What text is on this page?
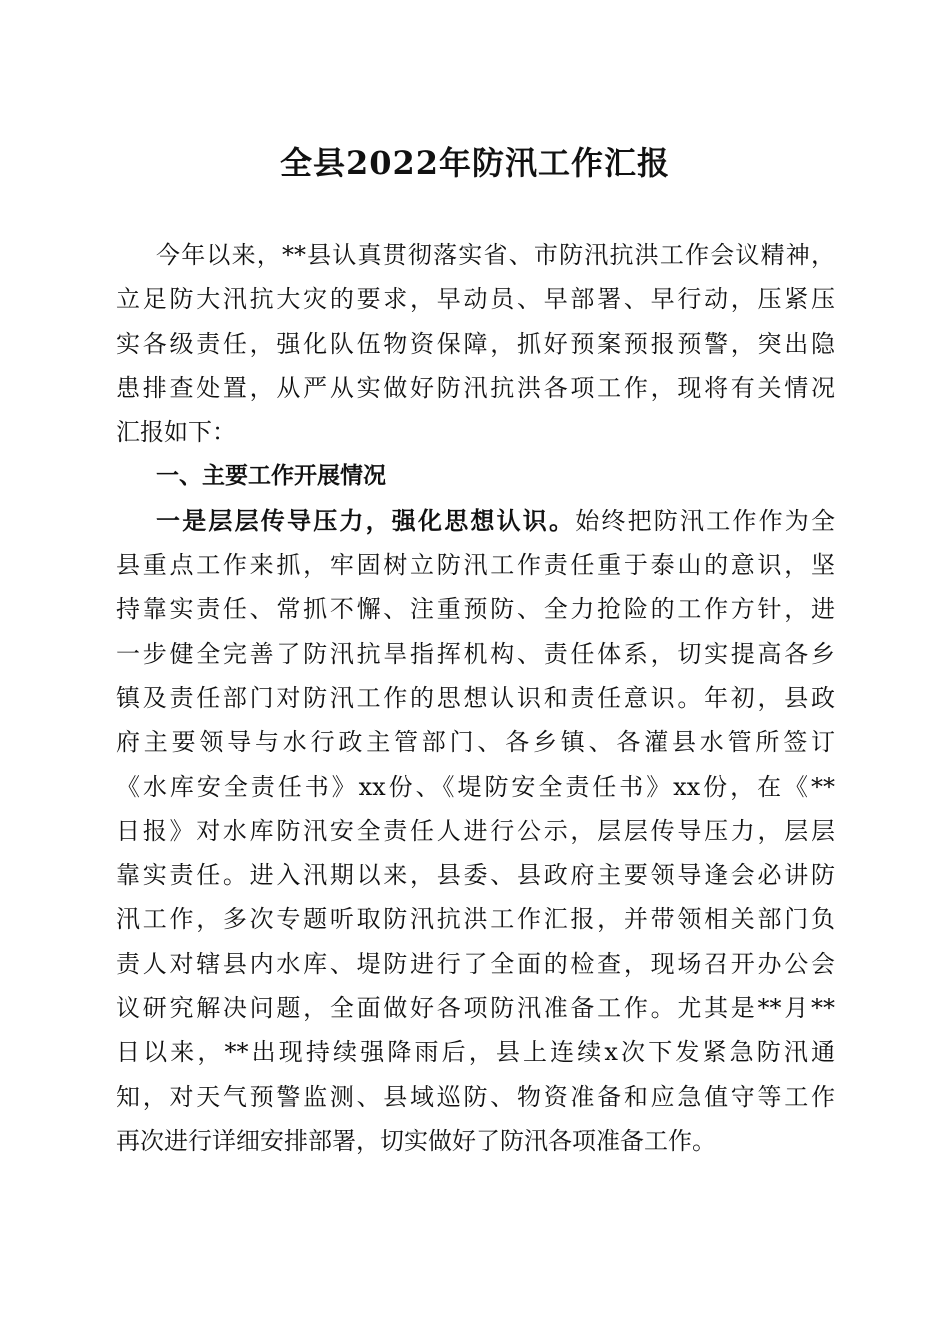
全县2022年防汛工作汇报
今年以来，**县认真贯彻落实省、市防汛抗洪工作会议精神，
立足防大汛抗大灾的要求，早动员、早部署、早行动，压紧压
实各级责任，强化队伍物资保障，抓好预案预报预警，突出隐
患排查处置，从严从实做好防汛抗洪各项工作，现将有关情况
汇报如下：
一、主要工作开展情况
一是层层传导压力，强化思想认识。始终把防汛工作作为全
县重点工作来抓，牢固树立防汛工作责任重于泰山的意识，坚
持靠实责任、常抓不懈、注重预防、全力抢险的工作方针，进
一步健全完善了防汛抗旱指挥机构、责任体系，切实提高各乡
镇及责任部门对防汛工作的思想认识和责任意识。年初，县政
府主要领导与水行政主管部门、各乡镇、各灌县水管所签订
《水库安全责任书》xx份、《堤防安全责任书》xx份，在《**
日报》对水库防汛安全责任人进行公示，层层传导压力，层层
靠实责任。进入汛期以来，县委、县政府主要领导逢会必讲防
汛工作，多次专题听取防汛抗洪工作汇报，并带领相关部门负
责人对辖县内水库、堤防进行了全面的检查，现场召开办公会
议研究解决问题，全面做好各项防汛准备工作。尤其是**月**
日以来，**出现持续强降雨后，县上连续x次下发紧急防汛通
知，对天气预警监测、县域巡防、物资准备和应急值守等工作
再次进行详细安排部署，切实做好了防汛各项准备工作。
